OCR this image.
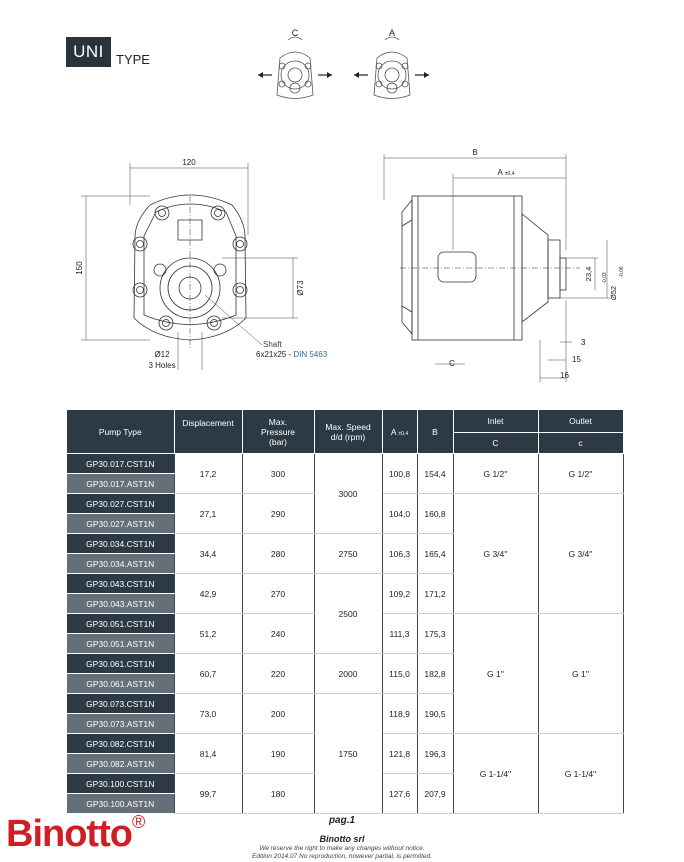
UNI TYPE
C	A
120
150
Ø73
Ø12
3 Holes
Shaft
6x21x25 - DIN 5463
B
A ±0,4
C
23,4
Ø52
-0,03
-0,06
3
15
16
Pump Type	Displacement	Max. Pressure (bar)	Max. Speed d/d (rpm)	A ±0,4	B	Inlet	Outlet
						C	c
GP30.017.CST1N	17,2	300	3000	100,8	154,4	G 1/2''	G 1/2''
GP30.017.AST1N							
GP30.027.CST1N	27,1	290		104,0	160,8	G 3/4''	G 3/4''
GP30.027.AST1N							
GP30.034.CST1N	34,4	280	2750	106,3	165,4		
GP30.034.AST1N							
GP30.043.CST1N	42,9	270	2500	109,2	171,2		
GP30.043.AST1N							
GP30.051.CST1N	51,2	240		111,3	175,3	G 1''	G 1''
GP30.051.AST1N							
GP30.061.CST1N	60,7	220	2000	115,0	182,8		
GP30.061.AST1N							
GP30.073.CST1N	73,0	200	1750	118,9	190,5		
GP30.073.AST1N							
GP30.082.CST1N	81,4	190		121,8	196,3	G 1-1/4''	G 1-1/4''
GP30.082.AST1N							
GP30.100.CST1N	99,7	180		127,6	207,9		
GP30.100.AST1N							
Binotto®	pag.1
Binotto srl
We reserve the right to make any changes without notice.
Edition 2014.07 No reproduction, however partial, is permitted.
